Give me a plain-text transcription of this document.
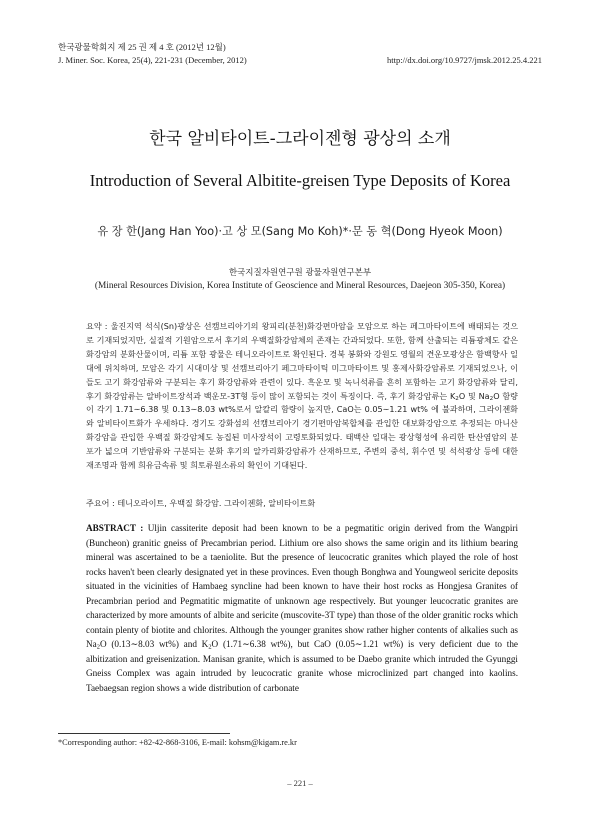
한국광물학회지 제 25 권 제 4 호 (2012년 12월)
J. Miner. Soc. Korea, 25(4), 221-231 (December, 2012)	http://dx.doi.org/10.9727/jmsk.2012.25.4.221
한국 알비타이트-그라이젠형 광상의 소개
Introduction of Several Albitite-greisen Type Deposits of Korea
유 장 한(Jang Han Yoo)·고 상 모(Sang Mo Koh)*·문 동 혁(Dong Hyeok Moon)
한국지질자원연구원 광물자원연구본부
(Mineral Resources Division, Korea Institute of Geoscience and Mineral Resources, Daejeon 305-350, Korea)
요약 : 울진지역 석식(Sn)광상은 선캠브리아기의 왕피리(분천)화강편마암을 모암으로 하는 페그마타이트에 배태되는 것으로 기재되었지만, 실질적 기원암으로서 후기의 우백질화강암체의 존재는 간과되었다. 또한, 함께 산출되는 리튬광체도 같은 화강암의 분화산물이며, 리튬 포함 광물은 테니오라이트로 확인된다. 경북 봉화와 강원도 영월의 견운모광상은 함백향사 일대에 위치하며, 모암은 각기 시대미상 및 선캠브리아기 페그마타이틱 미그마타이트 및 홍제사화강암류로 기재되었으나, 이들도 고기 화강암류와 구분되는 후기 화강암류와 관련이 있다. 흑운모 및 녹니석류를 흔히 포함하는 고기 화강암류와 달리, 후기 화강암류는 알바이트장석과 백운모-3T형 등이 많이 포함되는 것이 특징이다. 즉, 후기 화강암류는 $K_2O$ 및 $Na_2O$ 함량이 각기 1.71∼6.38 및 0.13∼8.03 wt%로서 알칼리 함량이 높지만, CaO는 0.05∼1.21 wt% 에 불과하며, 그라이젠화와 알비타이트화가 우세하다. 경기도 강화섬의 선캠브리아기 경기편마암복합체를 관입한 대보화강암으로 추정되는 마니산화강암을 관입한 우백질 화강암체도 농집된 미사장석이 고령토화되었다. 태백산 일대는 광상형성에 유리한 탄산염암의 분포가 넓으며 기반암류와 구분되는 분화 후기의 알카리화강암류가 산재하므로, 주변의 중석, 휘수연 및 석석광상 등에 대한 재조명과 함께 희유금속류 및 희토류원소류의 확인이 기대된다.
주요어 : 테니오라이트, 우백질 화강암. 그라이젠화, 알비타이트화
ABSTRACT : Uljin cassiterite deposit had been known to be a pegmatitic origin derived from the Wangpiri (Buncheon) granitic gneiss of Precambrian period. Lithium ore also shows the same origin and its lithium bearing mineral was ascertained to be a taeniolite. But the presence of leucocratic granites which played the role of host rocks haven't been clearly designated yet in these provinces. Even though Bonghwa and Youngweol sericite deposits situated in the vicinities of Hambaeg syncline had been known to have their host rocks as Hongjesa Granites of Precambrian period and Pegmatitic migmatite of unknown age respectively. But younger leucocratic granites are characterized by more amounts of albite and sericite (muscovite-3T type) than those of the older granitic rocks which contain plenty of biotite and chlorites. Although the younger granites show rather higher contents of alkalies such as $Na_2O$ (0.13∼8.03 wt%) and $K_2O$ (1.71∼6.38 wt%), but CaO (0.05∼1.21 wt%) is very deficient due to the albitization and greisenization. Manisan granite, which is assumed to be Daebo granite which intruded the Gyunggi Gneiss Complex was again intruded by leucocratic granite whose microclinized part changed into kaolins. Taebaegsan region shows a wide distribution of carbonate
*Corresponding author: +82-42-868-3106, E-mail: kohsm@kigam.re.kr
– 221 –
